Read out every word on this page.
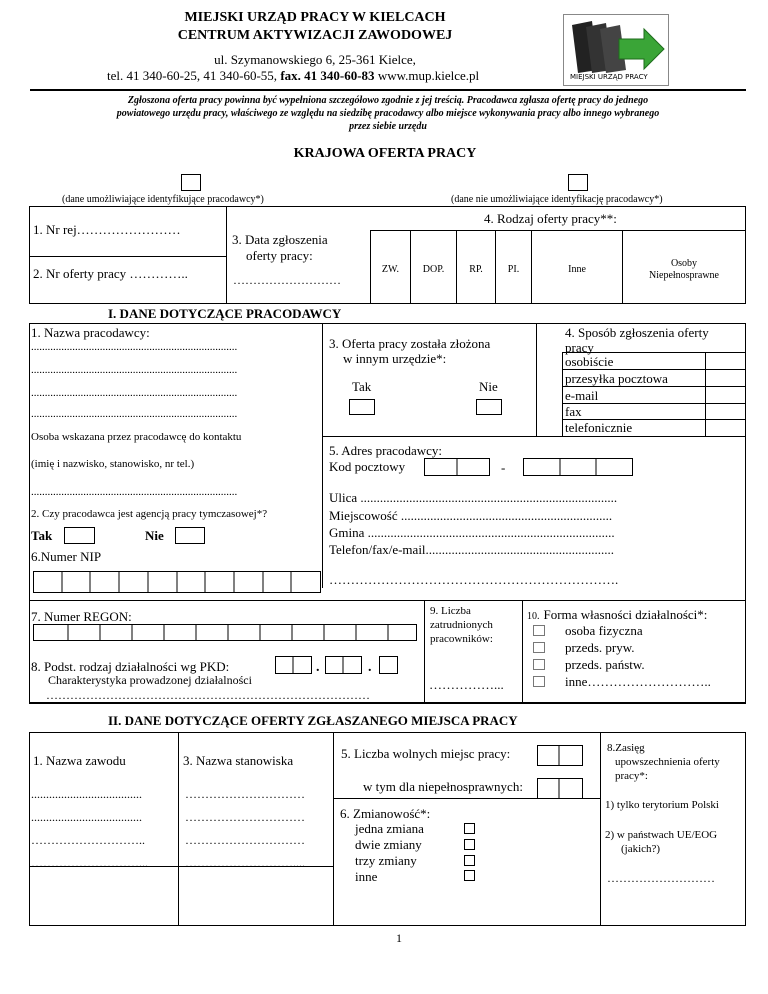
MIEJSKI URZĄD PRACY W KIELCACH
CENTRUM AKTYWIZACJI ZAWODOWEJ
ul. Szymanowskiego 6, 25-361 Kielce,
tel. 41 340-60-25, 41 340-60-55, fax. 41 340-60-83 www.mup.kielce.pl	MIEJSKI URZĄD PRACY
Zgłoszona oferta pracy powinna być wypełniona szczegółowo zgodnie z jej treścią. Pracodawca zgłasza ofertę pracy do jednego
powiatowego urzędu pracy, właściwego ze względu na siedzibę pracodawcy albo miejsce wykonywania pracy albo innego wybranego
przez siebie urzędu
KRAJOWA OFERTA PRACY
(dane umożliwiające identyfikujące pracodawcy*)	(dane nie umożliwiające identyfikację pracodawcy*)
1. Nr rej……………………
2. Nr oferty pracy …………..
3. Data zgłoszenia
oferty pracy:
………………………
4. Rodzaj oferty pracy**:
ZW.	DOP.	RP.	PI.	Inne
Osoby
Niepełnosprawne
I. DANE DOTYCZĄCE PRACODAWCY
1. Nazwa pracodawcy:
...........................................................................
...........................................................................
...........................................................................
...........................................................................
Osoba wskazana przez pracodawcę do kontaktu
(imię i nazwisko, stanowisko, nr tel.)
...........................................................................
2. Czy pracodawca jest agencją pracy tymczasowej*?
Tak	Nie
6.Numer NIP
3. Oferta pracy została złożona
w innym urzędzie*:
Tak	Nie
4. Sposób zgłoszenia oferty
pracy
osobiście
przesyłka pocztowa
e-mail
fax
telefonicznie
5. Adres pracodawcy:
Kod pocztowy	-
Ulica ...............................................................................
Miejscowość .................................................................
Gmina ............................................................................
Telefon/fax/e-mail..........................................................
………………………………………………………….
7. Numer REGON:
8. Podst. rodzaj działalności wg PKD:	.	.
Charakterystyka prowadzonej działalności
………………………………………………………………………
9. Liczba
zatrudnionych
pracowników:
……………...
10. Forma własności działalności*:
osoba fizyczna
przeds. pryw.
przeds. państw.
inne………………………..
II. DANE DOTYCZĄCE OFERTY ZGŁASZANEGO MIEJSCA PRACY
1. Nazwa zawodu	3. Nazwa stanowiska
.....................................
.....................................
………………………..
………………………...
…………………………
…………………………
…………………………
………………………....
5. Liczba wolnych miejsc pracy:
w tym dla niepełnosprawnych:
6. Zmianowość*:
jedna zmiana
dwie zmiany
trzy zmiany
inne
8.Zasięg
upowszechnienia oferty
pracy*:
1) tylko terytorium Polski
2) w państwach UE/EOG
(jakich?)
………………………
1
